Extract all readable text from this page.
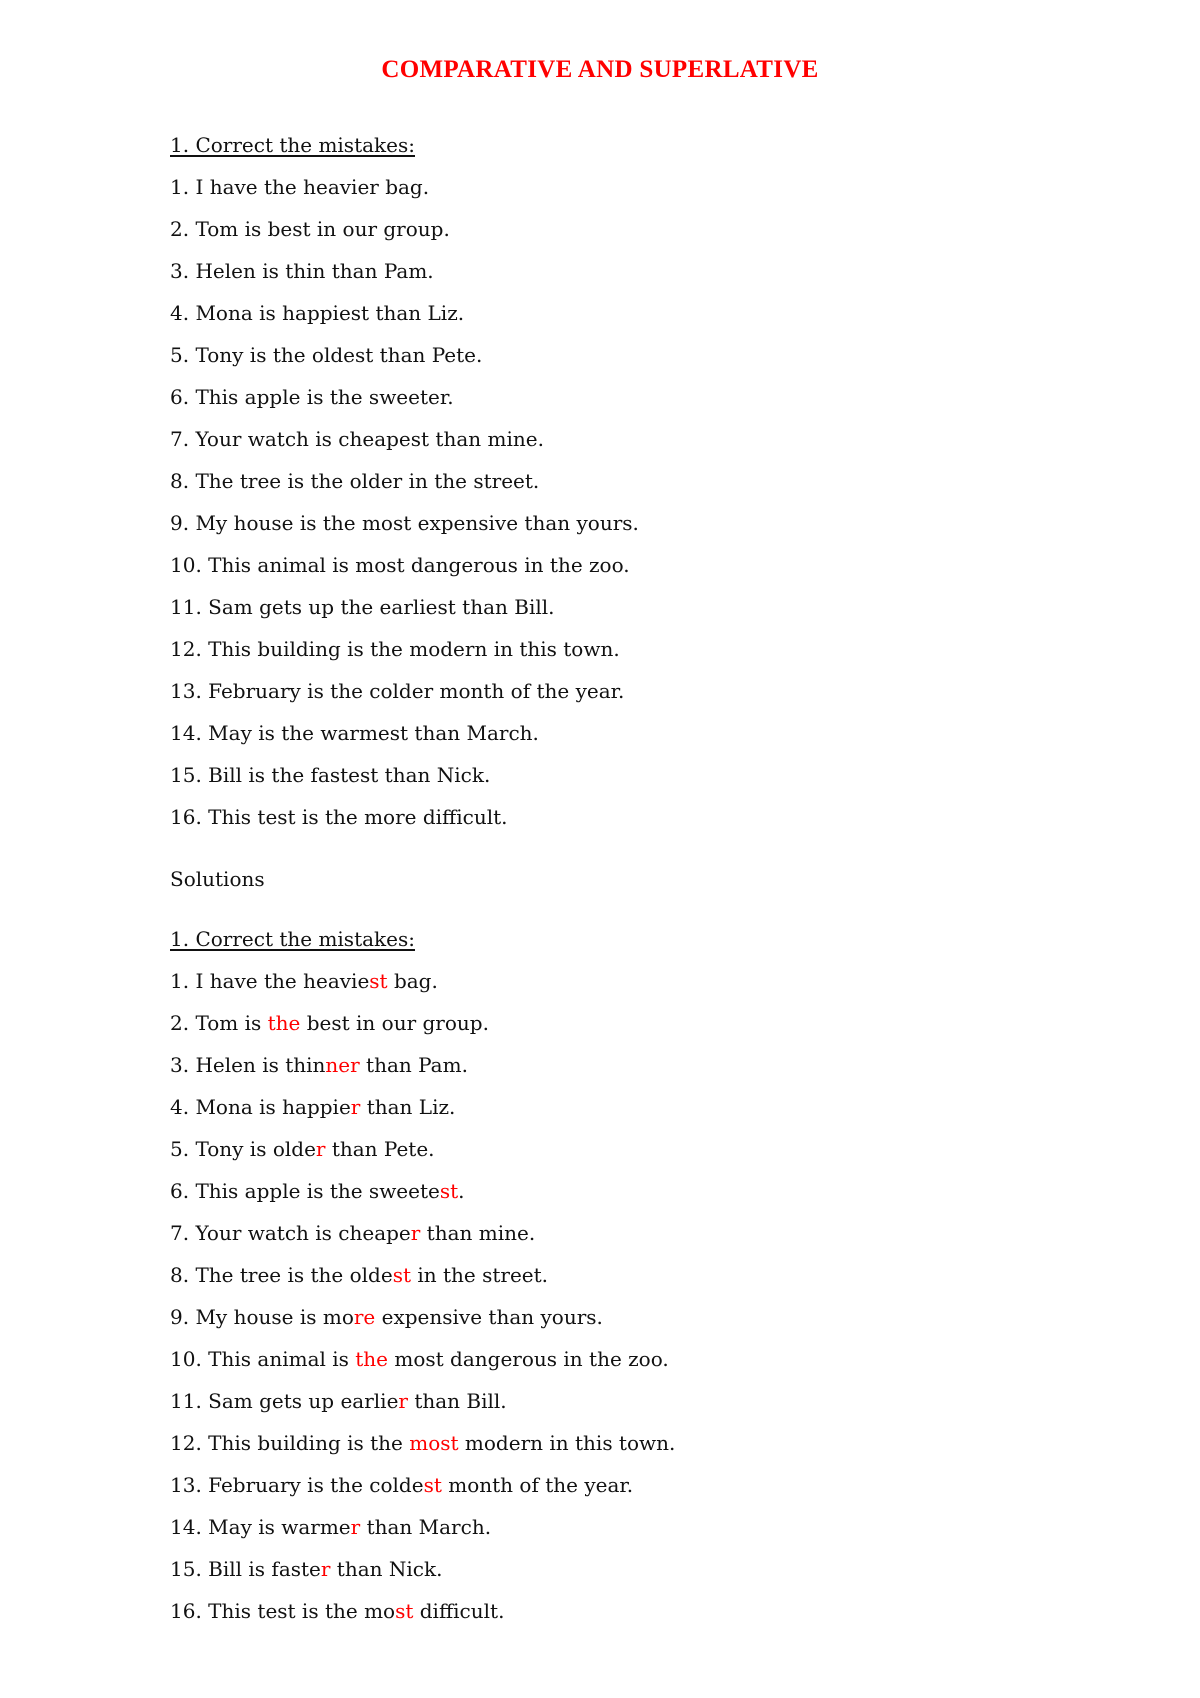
COMPARATIVE AND SUPERLATIVE
1. Correct the mistakes:
1. I have the heavier bag.
2. Tom is best in our group.
3. Helen is thin than Pam.
4. Mona is happiest than Liz.
5. Tony is the oldest than Pete.
6. This apple is the sweeter.
7. Your watch is cheapest than mine.
8. The tree is the older in the street.
9. My house is the most expensive than yours.
10. This animal is most dangerous in the zoo.
11. Sam gets up the earliest than Bill.
12. This building is the modern in this town.
13. February is the colder month of the year.
14. May is the warmest than March.
15. Bill is the fastest than Nick.
16. This test is the more difficult.
Solutions
1. Correct the mistakes:
1. I have the heaviest bag.
2. Tom is the best in our group.
3. Helen is thinner than Pam.
4. Mona is happier than Liz.
5. Tony is older than Pete.
6. This apple is the sweetest.
7. Your watch is cheaper than mine.
8. The tree is the oldest in the street.
9. My house is more expensive than yours.
10. This animal is the most dangerous in the zoo.
11. Sam gets up earlier than Bill.
12. This building is the most modern in this town.
13. February is the coldest month of the year.
14. May is warmer than March.
15. Bill is faster than Nick.
16. This test is the most difficult.
